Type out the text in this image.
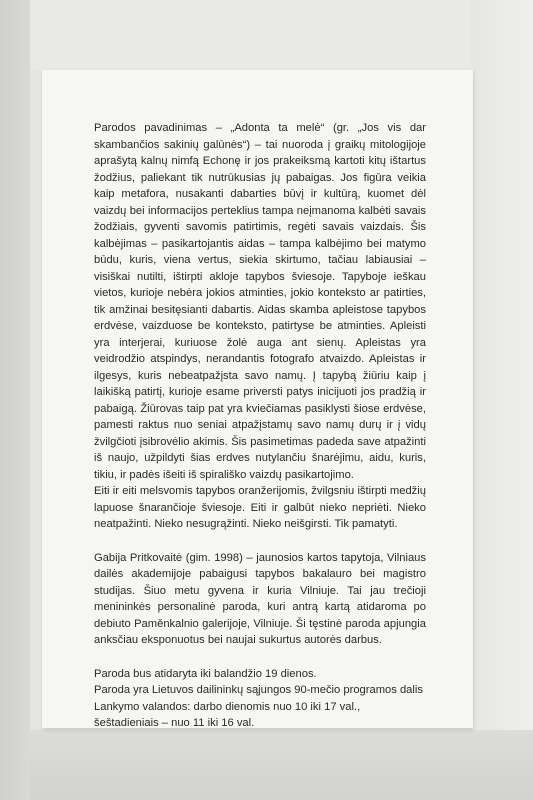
Parodos pavadinimas – „Adonta ta melė“ (gr. „Jos vis dar skambančios sakinių galūnės“) – tai nuoroda į graikų mitologijoje aprašytą kalnų nimfą Echonę ir jos prakeiksmą kartoti kitų ištartus žodžius, paliekant tik nutrūkusias jų pabaigas. Jos figūra veikia kaip metafora, nusakanti dabarties būvį ir kultūrą, kuomet dėl vaizdų bei informacijos perteklius tampa neįmanoma kalbėti savais žodžiais, gyventi savomis patirtimis, regėti savais vaizdais. Šis kalbėjimas – pasikartojantis aidas – tampa kalbėjimo bei matymo būdu, kuris, viena vertus, siekia skirtumo, tačiau labiausiai – visiškai nutilti, ištirpti akloje tapybos šviesoje. Tapyboje ieškau vietos, kurioje nebėra jokios atminties, jokio konteksto ar patirties, tik amžinai besitęsianti dabartis. Aidas skamba apleistose tapybos erdvėse, vaizduose be konteksto, patirtyse be atminties. Apleisti yra interjerai, kuriuose žolė auga ant sienų. Apleistas yra veidrodžio atspindys, nerandantis fotografo atvaizdo. Apleistas ir ilgesys, kuris nebeatpažįsta savo namų. Į tapybą žiūriu kaip į laikišką patirtį, kurioje esame priversti patys inicijuoti jos pradžią ir pabaigą. Žiūrovas taip pat yra kviečiamas pasiklysti šiose erdvėse, pamesti raktus nuo seniai atpažįstamų savo namų durų ir į vidų žvilgčioti įsibrovėlio akimis. Šis pasimetimas padeda save atpažinti iš naujo, užpildyti šias erdves nutylančiu šnarėjimu, aidu, kuris, tikiu, ir padės išeiti iš spirališko vaizdų pasikartojimo.

Eiti ir eiti melsvomis tapybos oranžerijomis, žvilgsniu ištirpti medžių lapuose šnarančioje šviesoje. Eiti ir galbūt nieko nepriėti. Nieko neatpažinti. Nieko nesugrąžinti. Nieko neišgirsti. Tik pamatyti.

Gabija Pritkovaitė (gim. 1998) – jaunosios kartos tapytoja, Vilniaus dailės akademijoje pabaigusi tapybos bakalauro bei magistro studijas. Šiuo metu gyvena ir kuria Vilniuje. Tai jau trečioji menininkės personalinė paroda, kuri antrą kartą atidaroma po debiuto Paměnkalnio galerijoje, Vilniuje. Ši tęstinė paroda apjungia anksčiau eksponuotus bei naujai sukurtus autorės darbus.

Paroda bus atidaryta iki balandžio 19 dienos.

Paroda yra Lietuvos dailininkų sąjungos 90-mečio programos dalis

Lankymo valandos: darbo dienomis nuo 10 iki 17 val., šeštadieniais – nuo 11 iki 16 val.
